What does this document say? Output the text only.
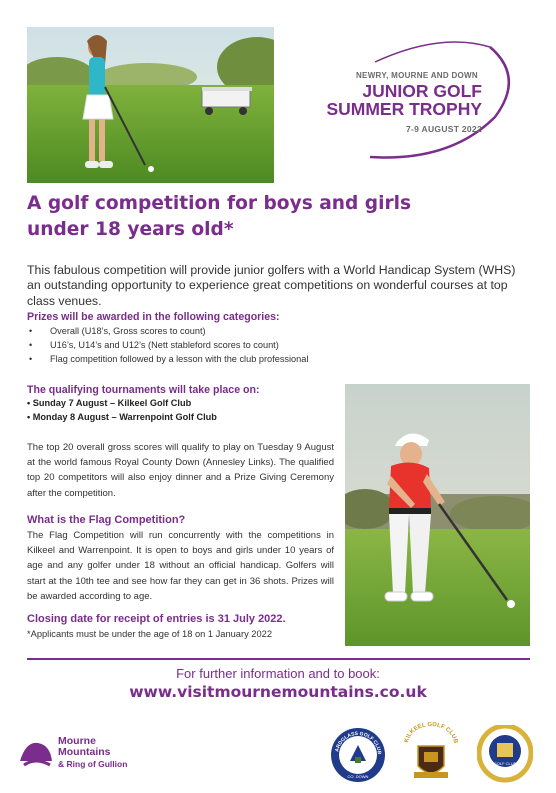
NEWRY, MOURNE AND DOWN
JUNIOR GOLF
SUMMER TROPHY
7-9 AUGUST 2022
A golf competition for boys and girls
under 18 years old*
This fabulous competition will provide junior golfers with a World Handicap System (WHS) an outstanding opportunity to experience great competitions on wonderful courses at top class venues.
Prizes will be awarded in the following categories:
• Overall (U18’s, Gross scores to count)
• U16’s, U14’s and U12’s (Nett stableford scores to count)
• Flag competition followed by a lesson with the club professional
The qualifying tournaments will take place on:
• Sunday 7 August – Kilkeel Golf Club
• Monday 8 August – Warrenpoint Golf Club
The top 20 overall gross scores will qualify to play on Tuesday 9 August at the world famous Royal County Down (Annesley Links). The qualified top 20 competitors will also enjoy dinner and a Prize Giving Ceremony after the competition.
What is the Flag Competition?
The Flag Competition will run concurrently with the competitions in Kilkeel and Warrenpoint. It is open to boys and girls under 10 years of age and any golfer under 18 without an official handicap. Golfers will start at the 10th tee and see how far they can get in 36 shots. Prizes will be awarded according to age.
Closing date for receipt of entries is 31 July 2022.
*Applicants must be under the age of 18 on 1 January 2022
For further information and to book:
www.visitmournemountains.co.uk
Mourne
Mountains
& Ring of Gullion
ARDGLASS GOLF CLUB
CO. DOWN
KILKEEL GOLF CLUB
WARRENPOINT
GOLF CLUB
